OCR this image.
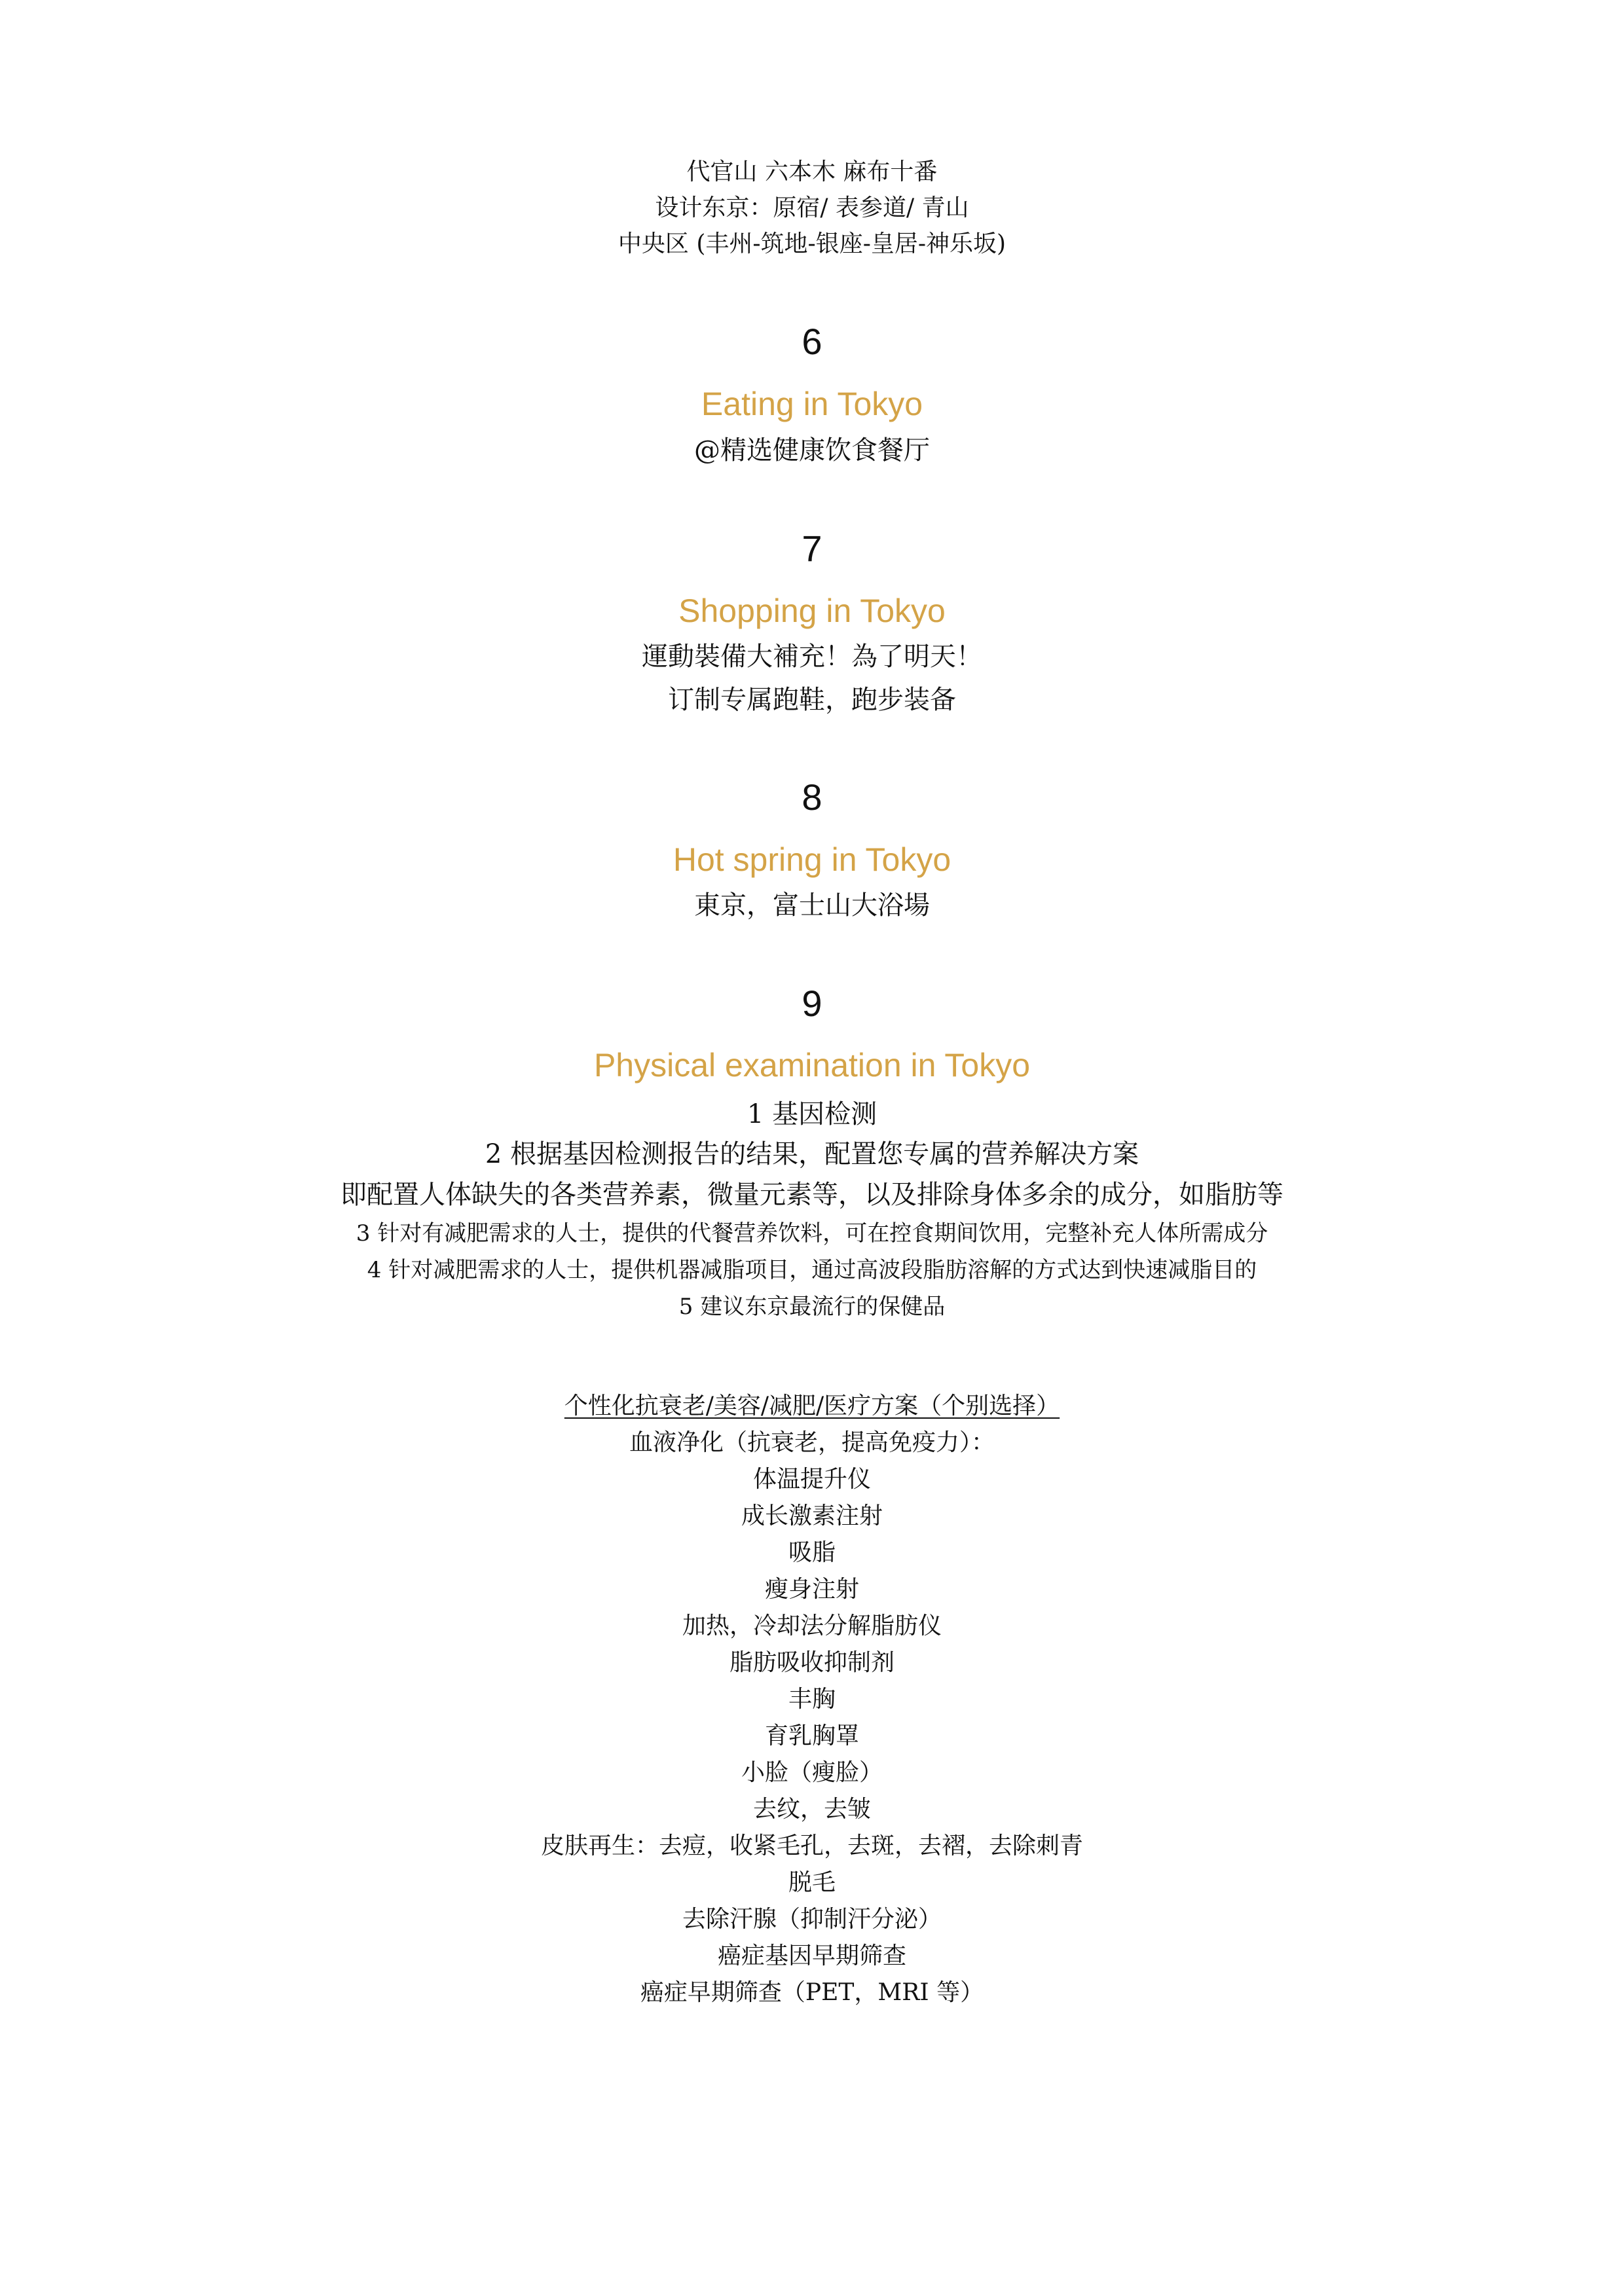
代官山 六本木 麻布十番
设计东京：原宿/ 表参道/ 青山
中央区 (丰州-筑地-银座-皇居-神乐坂)
6
Eating in Tokyo
@精选健康饮食餐厅
7
Shopping in Tokyo
運動裝備大補充！為了明天！
订制专属跑鞋，跑步装备
8
Hot spring in Tokyo
東京，富士山大浴場
9
Physical examination in Tokyo
1 基因检测
2 根据基因检测报告的结果，配置您专属的营养解决方案
即配置人体缺失的各类营养素，微量元素等，以及排除身体多余的成分，如脂肪等
3 针对有减肥需求的人士，提供的代餐营养饮料，可在控食期间饮用，完整补充人体所需成分
4 针对减肥需求的人士，提供机器减脂项目，通过高波段脂肪溶解的方式达到快速减脂目的
5 建议东京最流行的保健品
个性化抗衰老/美容/减肥/医疗方案（个别选择）
血液净化（抗衰老，提高免疫力）：
体温提升仪
成长激素注射
吸脂
瘦身注射
加热，冷却法分解脂肪仪
脂肪吸收抑制剂
丰胸
育乳胸罩
小脸（瘦脸）
去纹，去皱
皮肤再生：去痘，收紧毛孔，去斑，去褶，去除刺青
脱毛
去除汗腺（抑制汗分泌）
癌症基因早期筛查
癌症早期筛查（PET，MRI 等）
